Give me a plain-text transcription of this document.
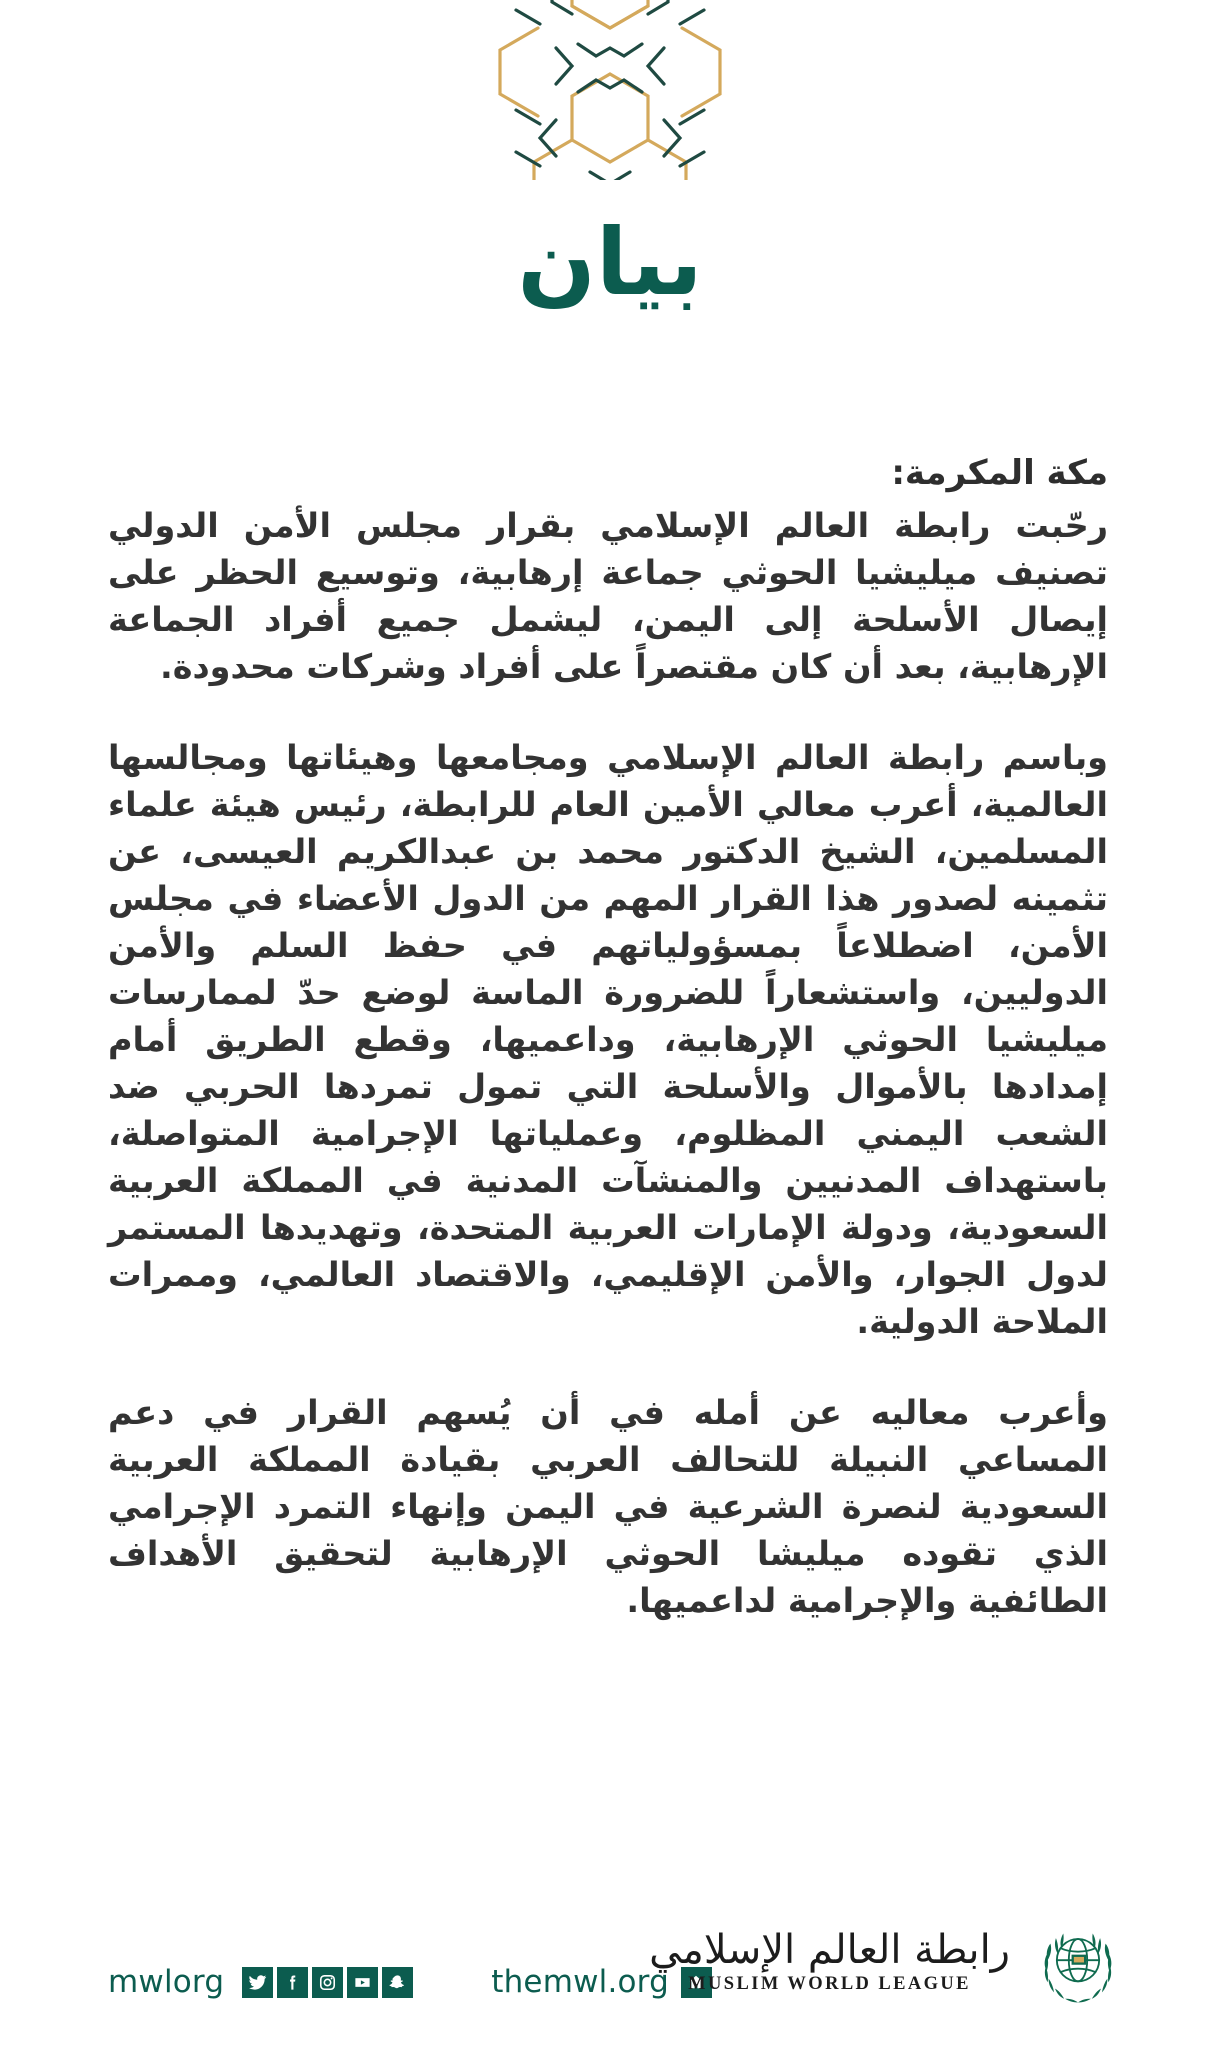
بيان

مكة المكرمة:

رحّبت رابطة العالم الإسلامي بقرار مجلس الأمن الدولي تصنيف ميليشيا الحوثي جماعة إرهابية، وتوسيع الحظر على إيصال الأسلحة إلى اليمن، ليشمل جميع أفراد الجماعة الإرهابية، بعد أن كان مقتصراً على أفراد وشركات محدودة.

وباسم رابطة العالم الإسلامي ومجامعها وهيئاتها ومجالسها العالمية، أعرب معالي الأمين العام للرابطة، رئيس هيئة علماء المسلمين، الشيخ الدكتور محمد بن عبدالكريم العيسى، عن تثمينه لصدور هذا القرار المهم من الدول الأعضاء في مجلس الأمن، اضطلاعاً بمسؤولياتهم في حفظ السلم والأمن الدوليين، واستشعاراً للضرورة الماسة لوضع حدّ لممارسات ميليشيا الحوثي الإرهابية، وداعميها، وقطع الطريق أمام إمدادها بالأموال والأسلحة التي تمول تمردها الحربي ضد الشعب اليمني المظلوم، وعملياتها الإجرامية المتواصلة، باستهداف المدنيين والمنشآت المدنية في المملكة العربية السعودية، ودولة الإمارات العربية المتحدة، وتهديدها المستمر لدول الجوار، والأمن الإقليمي، والاقتصاد العالمي، وممرات الملاحة الدولية.

وأعرب معاليه عن أمله في أن يُسهم القرار في دعم المساعي النبيلة للتحالف العربي بقيادة المملكة العربية السعودية لنصرة الشرعية في اليمن وإنهاء التمرد الإجرامي الذي تقوده ميليشا الحوثي الإرهابية لتحقيق الأهداف الطائفية والإجرامية لداعميها.

mwlorg	themwl.org
رابطة العالم الإسلامي
MUSLIM WORLD LEAGUE
